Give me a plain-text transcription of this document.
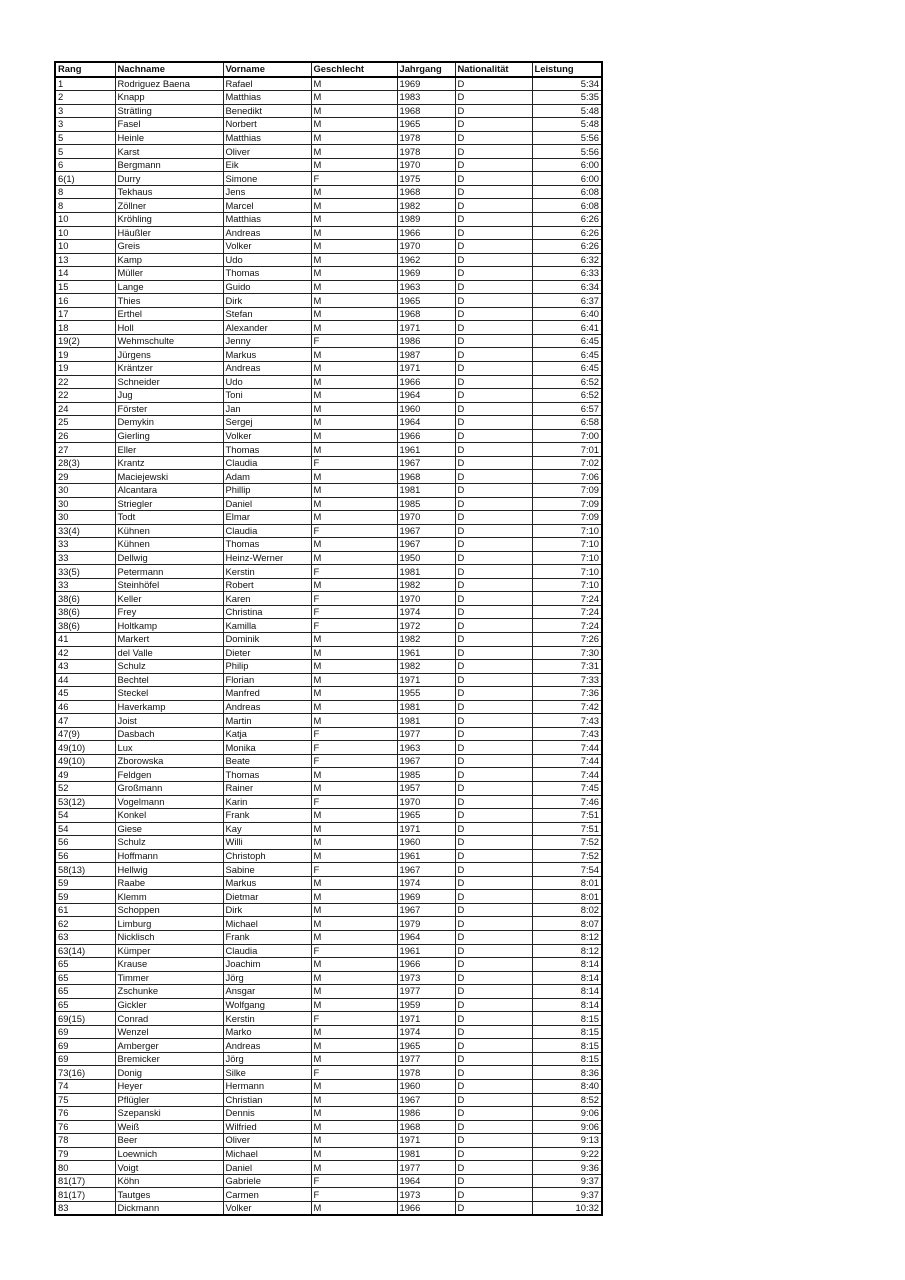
Rang	Nachname	Vorname	Geschlecht	Jahrgang	Nationalität	Leistung
1	Rodriguez Baena	Rafael	M	1969	D	5:34
2	Knapp	Matthias	M	1983	D	5:35
3	Strätling	Benedikt	M	1968	D	5:48
3	Fasel	Norbert	M	1965	D	5:48
5	Heinle	Matthias	M	1978	D	5:56
5	Karst	Oliver	M	1978	D	5:56
6	Bergmann	Eik	M	1970	D	6:00
6(1)	Durry	Simone	F	1975	D	6:00
8	Tekhaus	Jens	M	1968	D	6:08
8	Zöllner	Marcel	M	1982	D	6:08
10	Kröhling	Matthias	M	1989	D	6:26
10	Häußler	Andreas	M	1966	D	6:26
10	Greis	Volker	M	1970	D	6:26
13	Kamp	Udo	M	1962	D	6:32
14	Müller	Thomas	M	1969	D	6:33
15	Lange	Guido	M	1963	D	6:34
16	Thies	Dirk	M	1965	D	6:37
17	Erthel	Stefan	M	1968	D	6:40
18	Holl	Alexander	M	1971	D	6:41
19(2)	Wehmschulte	Jenny	F	1986	D	6:45
19	Jürgens	Markus	M	1987	D	6:45
19	Kräntzer	Andreas	M	1971	D	6:45
22	Schneider	Udo	M	1966	D	6:52
22	Jug	Toni	M	1964	D	6:52
24	Förster	Jan	M	1960	D	6:57
25	Demykin	Sergej	M	1964	D	6:58
26	Gierling	Volker	M	1966	D	7:00
27	Eller	Thomas	M	1961	D	7:01
28(3)	Krantz	Claudia	F	1967	D	7:02
29	Maciejewski	Adam	M	1968	D	7:06
30	Alcantara	Phillip	M	1981	D	7:09
30	Striegler	Daniel	M	1985	D	7:09
30	Todt	Elmar	M	1970	D	7:09
33(4)	Kühnen	Claudia	F	1967	D	7:10
33	Kühnen	Thomas	M	1967	D	7:10
33	Dellwig	Heinz-Werner	M	1950	D	7:10
33(5)	Petermann	Kerstin	F	1981	D	7:10
33	Steinhöfel	Robert	M	1982	D	7:10
38(6)	Keller	Karen	F	1970	D	7:24
38(6)	Frey	Christina	F	1974	D	7:24
38(6)	Holtkamp	Kamilla	F	1972	D	7:24
41	Markert	Dominik	M	1982	D	7:26
42	del Valle	Dieter	M	1961	D	7:30
43	Schulz	Philip	M	1982	D	7:31
44	Bechtel	Florian	M	1971	D	7:33
45	Steckel	Manfred	M	1955	D	7:36
46	Haverkamp	Andreas	M	1981	D	7:42
47	Joist	Martin	M	1981	D	7:43
47(9)	Dasbach	Katja	F	1977	D	7:43
49(10)	Lux	Monika	F	1963	D	7:44
49(10)	Zborowska	Beate	F	1967	D	7:44
49	Feldgen	Thomas	M	1985	D	7:44
52	Großmann	Rainer	M	1957	D	7:45
53(12)	Vogelmann	Karin	F	1970	D	7:46
54	Konkel	Frank	M	1965	D	7:51
54	Giese	Kay	M	1971	D	7:51
56	Schulz	Willi	M	1960	D	7:52
56	Hoffmann	Christoph	M	1961	D	7:52
58(13)	Hellwig	Sabine	F	1967	D	7:54
59	Raabe	Markus	M	1974	D	8:01
59	Klemm	Dietmar	M	1969	D	8:01
61	Schoppen	Dirk	M	1967	D	8:02
62	Limburg	Michael	M	1979	D	8:07
63	Nicklisch	Frank	M	1964	D	8:12
63(14)	Kümper	Claudia	F	1961	D	8:12
65	Krause	Joachim	M	1966	D	8:14
65	Timmer	Jörg	M	1973	D	8:14
65	Zschunke	Ansgar	M	1977	D	8:14
65	Gickler	Wolfgang	M	1959	D	8:14
69(15)	Conrad	Kerstin	F	1971	D	8:15
69	Wenzel	Marko	M	1974	D	8:15
69	Amberger	Andreas	M	1965	D	8:15
69	Bremicker	Jörg	M	1977	D	8:15
73(16)	Donig	Silke	F	1978	D	8:36
74	Heyer	Hermann	M	1960	D	8:40
75	Pflügler	Christian	M	1967	D	8:52
76	Szepanski	Dennis	M	1986	D	9:06
76	Weiß	Wilfried	M	1968	D	9:06
78	Beer	Oliver	M	1971	D	9:13
79	Loewnich	Michael	M	1981	D	9:22
80	Voigt	Daniel	M	1977	D	9:36
81(17)	Köhn	Gabriele	F	1964	D	9:37
81(17)	Tautges	Carmen	F	1973	D	9:37
83	Dickmann	Volker	M	1966	D	10:32
